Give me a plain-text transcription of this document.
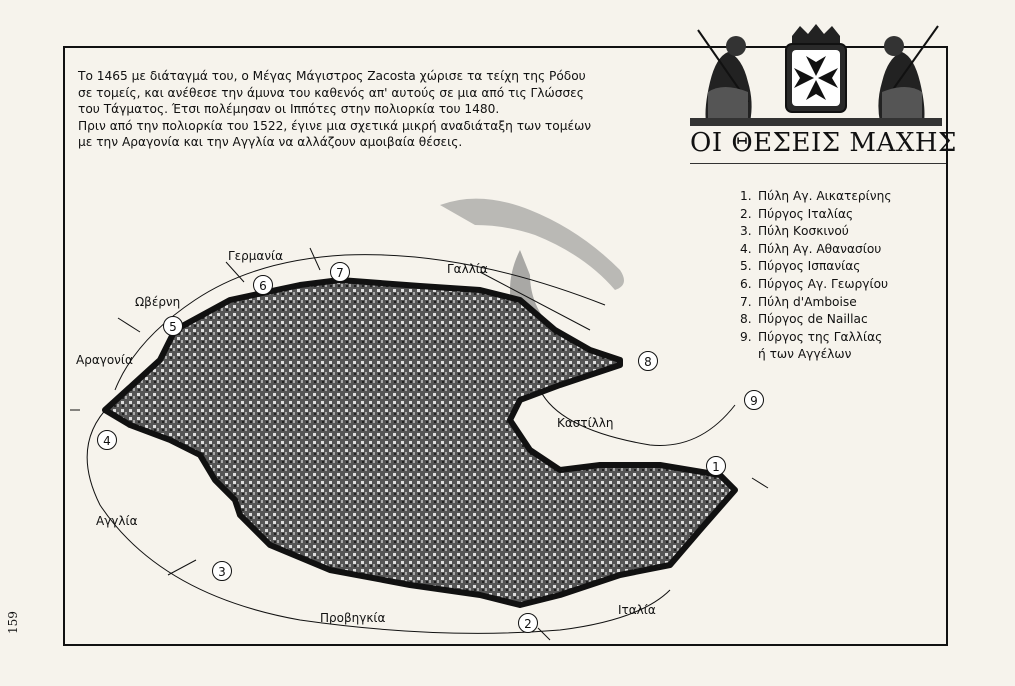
Το 1465 με διάταγμά του, ο Μέγας Μάγιστρος Zacosta χώρισε τα τείχη της Ρόδου
σε τομείς, και ανέθεσε την άμυνα του καθενός απ' αυτούς σε μια από τις Γλώσσες
του Τάγματος. Έτσι πολέμησαν οι Ιππότες στην πολιορκία του 1480.
Πριν από την πολιορκία του 1522, έγινε μια σχετικά μικρή αναδιάταξη των τομέων
με την Αραγονία και την Αγγλία να αλλάζουν αμοιβαία θέσεις.	ΟΙ ΘΕΣΕΙΣ ΜΑΧΗΣ
1. Πύλη Αγ. Αικατερίνης
2. Πύργος Ιταλίας
3. Πύλη Κοσκινού
4. Πύλη Αγ. Αθανασίου
5. Πύργος Ισπανίας
6. Πύργος Αγ. Γεωργίου
7. Πύλη d'Amboise
8. Πύργος de Naillac
9. Πύργος της Γαλλίας
ή των Αγγέλων
Γερμανία
Γαλλία
Ωβέρνη
Αραγονία
Καστίλλη
Αγγλία
Προβηγκία
Ιταλία
1
2
3
4
5
6
7
8
9
159
